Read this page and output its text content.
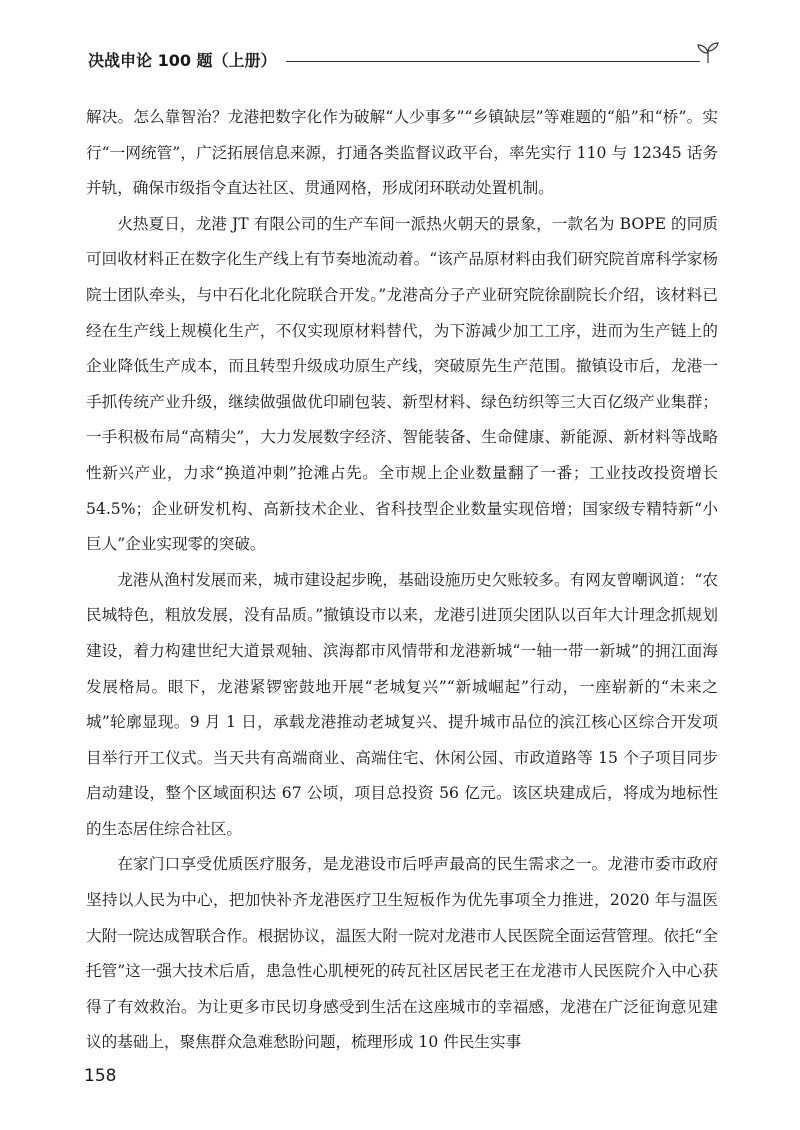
决战申论 100 题（上册）

解决。怎么靠智治？龙港把数字化作为破解“人少事多”“乡镇缺层”等难题的“船”和“桥”。实行“一网统管”，广泛拓展信息来源，打通各类监督议政平台，率先实行 110 与 12345 话务并轨，确保市级指令直达社区、贯通网格，形成闭环联动处置机制。

火热夏日，龙港 JT 有限公司的生产车间一派热火朝天的景象，一款名为 BOPE 的同质可回收材料正在数字化生产线上有节奏地流动着。“该产品原材料由我们研究院首席科学家杨院士团队牵头，与中石化北化院联合开发。”龙港高分子产业研究院徐副院长介绍，该材料已经在生产线上规模化生产，不仅实现原材料替代，为下游减少加工工序，进而为生产链上的企业降低生产成本，而且转型升级成功原生产线，突破原先生产范围。撤镇设市后，龙港一手抓传统产业升级，继续做强做优印刷包装、新型材料、绿色纺织等三大百亿级产业集群；一手积极布局“高精尖”，大力发展数字经济、智能装备、生命健康、新能源、新材料等战略性新兴产业，力求“换道冲刺”抢滩占先。全市规上企业数量翻了一番；工业技改投资增长 54.5%；企业研发机构、高新技术企业、省科技型企业数量实现倍增；国家级专精特新“小巨人”企业实现零的突破。

龙港从渔村发展而来，城市建设起步晚，基础设施历史欠账较多。有网友曾嘲讽道：“农民城特色，粗放发展，没有品质。”撤镇设市以来，龙港引进顶尖团队以百年大计理念抓规划建设，着力构建世纪大道景观轴、滨海都市风情带和龙港新城“一轴一带一新城”的拥江面海发展格局。眼下，龙港紧锣密鼓地开展“老城复兴”“新城崛起”行动，一座崭新的“未来之城”轮廓显现。9 月 1 日，承载龙港推动老城复兴、提升城市品位的滨江核心区综合开发项目举行开工仪式。当天共有高端商业、高端住宅、休闲公园、市政道路等 15 个子项目同步启动建设，整个区域面积达 67 公顷，项目总投资 56 亿元。该区块建成后，将成为地标性的生态居住综合社区。

在家门口享受优质医疗服务，是龙港设市后呼声最高的民生需求之一。龙港市委市政府坚持以人民为中心，把加快补齐龙港医疗卫生短板作为优先事项全力推进，2020 年与温医大附一院达成智联合作。根据协议，温医大附一院对龙港市人民医院全面运营管理。依托“全托管”这一强大技术后盾，患急性心肌梗死的砖瓦社区居民老王在龙港市人民医院介入中心获得了有效救治。为让更多市民切身感受到生活在这座城市的幸福感，龙港在广泛征询意见建议的基础上，聚焦群众急难愁盼问题，梳理形成 10 件民生实事

158
